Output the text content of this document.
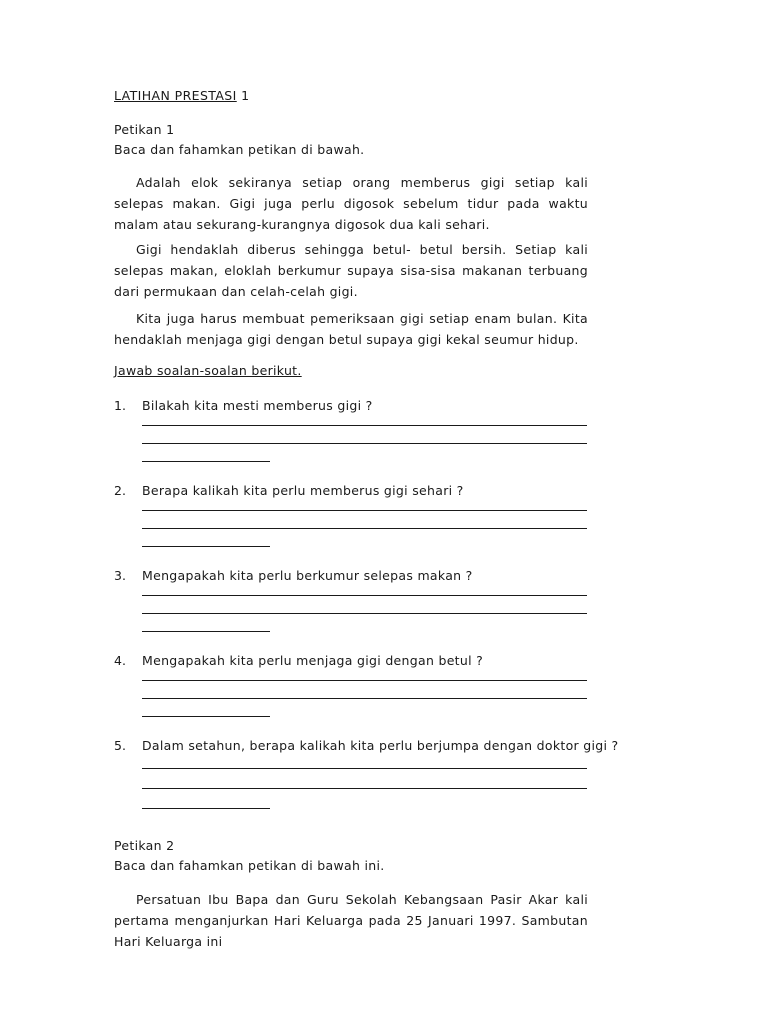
LATIHAN PRESTASI 1
Petikan 1
Baca dan fahamkan petikan di bawah.
Adalah elok sekiranya setiap orang memberus gigi setiap kali selepas makan. Gigi juga perlu digosok sebelum tidur pada waktu malam atau sekurang-kurangnya digosok dua kali sehari.
Gigi hendaklah diberus sehingga betul- betul bersih. Setiap kali selepas makan, eloklah berkumur supaya sisa-sisa makanan terbuang dari permukaan dan celah-celah gigi.
Kita juga harus membuat pemeriksaan gigi setiap enam bulan. Kita hendaklah menjaga gigi dengan betul supaya gigi kekal seumur hidup.
Jawab soalan-soalan berikut.
1. Bilakah kita mesti memberus gigi ?
2. Berapa kalikah kita perlu memberus gigi sehari ?
3. Mengapakah kita perlu berkumur selepas makan ?
4. Mengapakah kita perlu menjaga gigi dengan betul ?
5. Dalam setahun, berapa kalikah kita perlu berjumpa dengan doktor gigi ?
Petikan 2
Baca dan fahamkan petikan di bawah ini.
Persatuan Ibu Bapa dan Guru Sekolah Kebangsaan Pasir Akar kali pertama menganjurkan Hari Keluarga pada 25 Januari 1997. Sambutan Hari Keluarga ini
